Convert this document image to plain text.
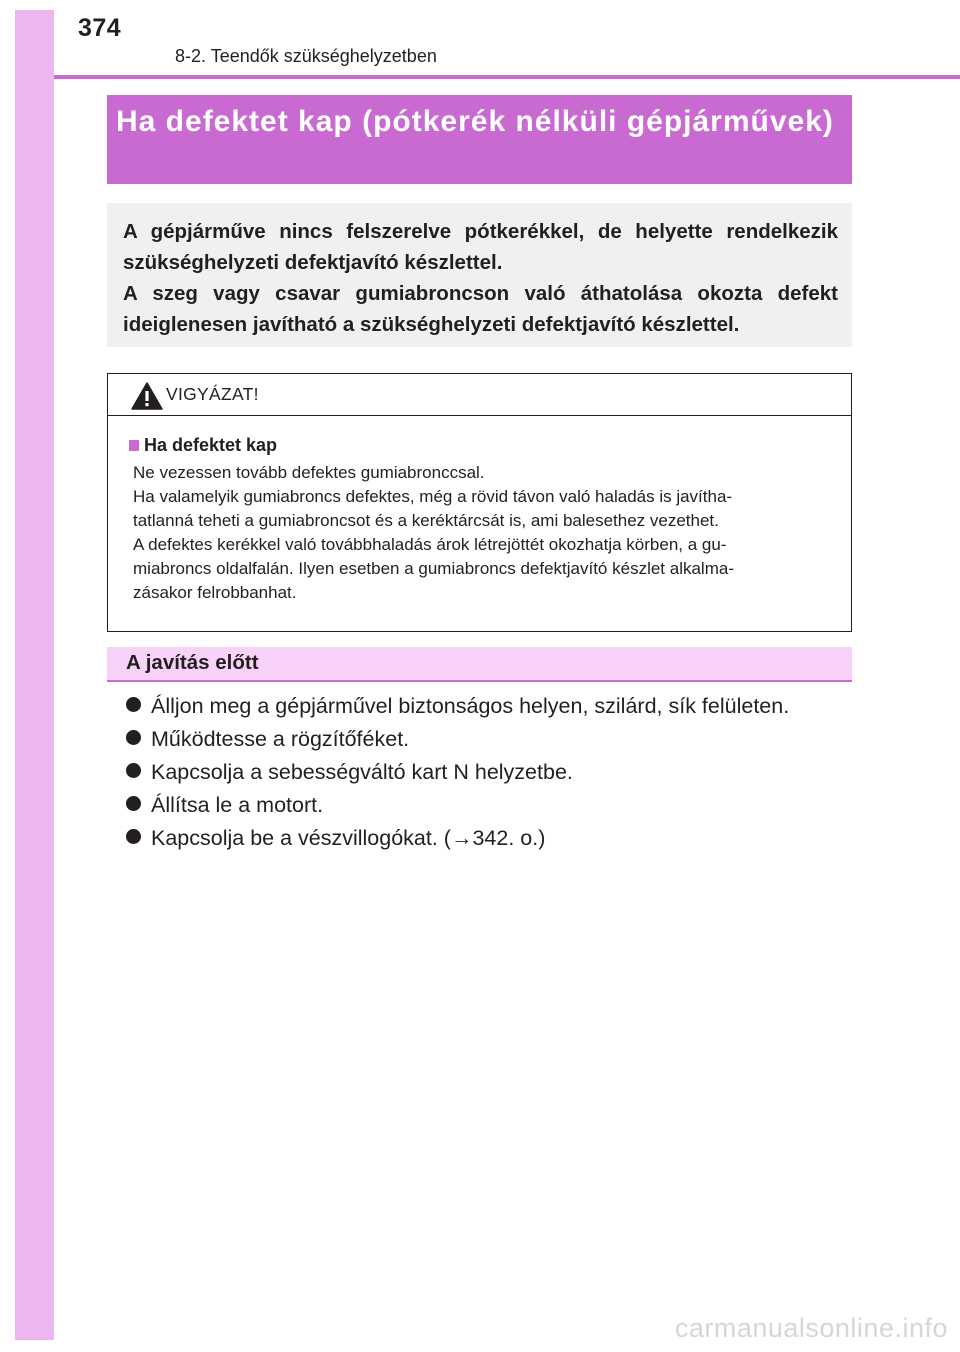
374
8-2. Teendők szükséghelyzetben
Ha defektet kap (pótkerék nélküli gépjárművek)

A gépjárműve nincs felszerelve pótkerékkel, de helyette rendelkezik szükséghelyzeti defektjavító készlettel.

A szeg vagy csavar gumiabroncson való áthatolása okozta defekt ideiglenesen javítható a szükséghelyzeti defektjavító készlettel.

VIGYÁZAT!
Ha defektet kap
Ne vezessen tovább defektes gumiabronccsal.
Ha valamelyik gumiabroncs defektes, még a rövid távon való haladás is javítha-
tatlanná teheti a gumiabroncsot és a keréktárcsát is, ami balesethez vezethet.
A defektes kerékkel való továbbhaladás árok létrejöttét okozhatja körben, a gu-
miabroncs oldalfalán. Ilyen esetben a gumiabroncs defektjavító készlet alkalma-
zásakor felrobbanhat.
A javítás előtt
Álljon meg a gépjárművel biztonságos helyen, szilárd, sík felületen.
Működtesse a rögzítőféket.
Kapcsolja a sebességváltó kart N helyzetbe.
Állítsa le a motort.
Kapcsolja be a vészvillogókat. (→342. o.)
carmanualsonline.info
